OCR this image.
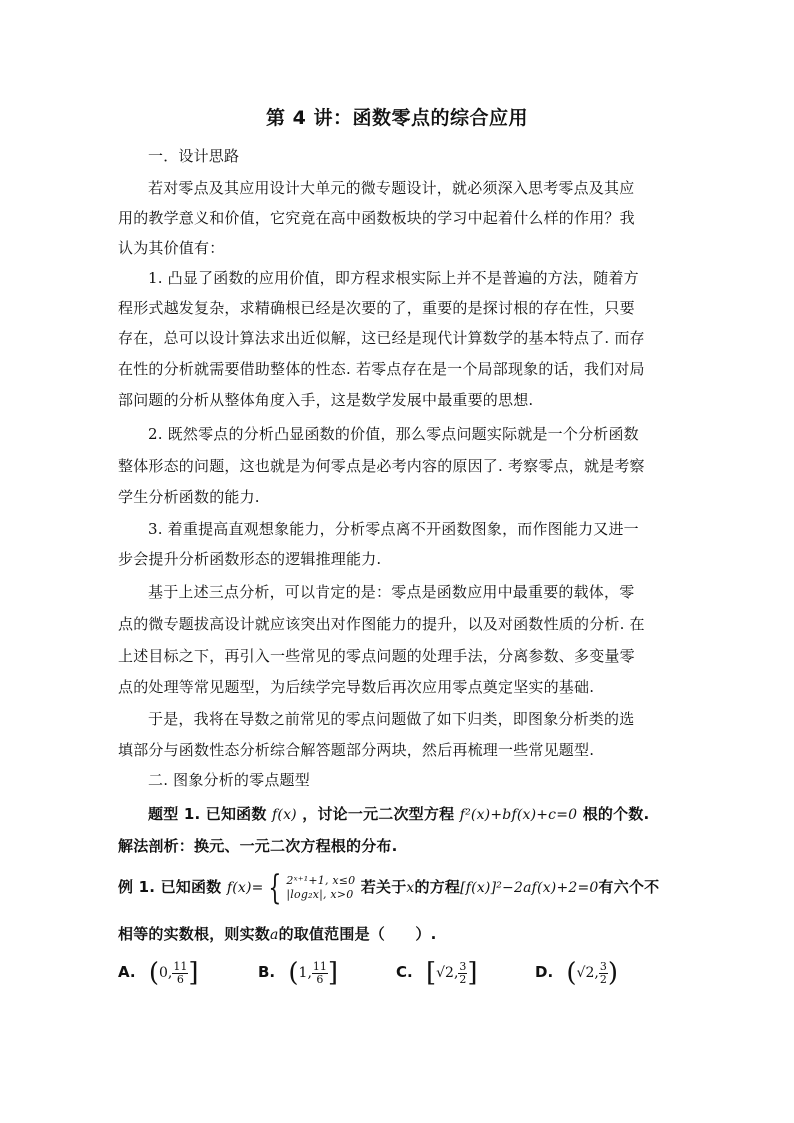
第 4 讲：函数零点的综合应用
一．设计思路
若对零点及其应用设计大单元的微专题设计，就必须深入思考零点及其应
用的教学意义和价值，它究竟在高中函数板块的学习中起着什么样的作用？我
认为其价值有：
1. 凸显了函数的应用价值，即方程求根实际上并不是普遍的方法，随着方
程形式越发复杂，求精确根已经是次要的了，重要的是探讨根的存在性，只要
存在，总可以设计算法求出近似解，这已经是现代计算数学的基本特点了. 而存
在性的分析就需要借助整体的性态. 若零点存在是一个局部现象的话，我们对局
部问题的分析从整体角度入手，这是数学发展中最重要的思想.
2. 既然零点的分析凸显函数的价值，那么零点问题实际就是一个分析函数
整体形态的问题，这也就是为何零点是必考内容的原因了. 考察零点，就是考察
学生分析函数的能力.
3. 着重提高直观想象能力，分析零点离不开函数图象，而作图能力又进一
步会提升分析函数形态的逻辑推理能力.
基于上述三点分析，可以肯定的是：零点是函数应用中最重要的载体，零
点的微专题拔高设计就应该突出对作图能力的提升，以及对函数性质的分析. 在
上述目标之下，再引入一些常见的零点问题的处理手法，分离参数、多变量零
点的处理等常见题型，为后续学完导数后再次应用零点奠定坚实的基础.
于是，我将在导数之前常见的零点问题做了如下归类，即图象分析类的选
填部分与函数性态分析综合解答题部分两块，然后再梳理一些常见题型.
二. 图象分析的零点题型
题型 1. 已知函数 f(x) ，讨论一元二次型方程 f²(x)+bf(x)+c=0 根的个数.
解法剖析：换元、一元二次方程根的分布.
例 1. 已知函数 f(x)= { 2ˣ⁺¹+1, x≤0
|log₂x|, x>0 若关于x的方程[f(x)]²−2af(x)+2=0有六个不
相等的实数根，则实数a的取值范围是（　　）.
A. (0, $\frac{11}{6}$ ]	B. (1, $\frac{11}{6}$ ]	C. [√2, $\frac{3}{2}$ ]	D. (√2, $\frac{3}{2}$ )
